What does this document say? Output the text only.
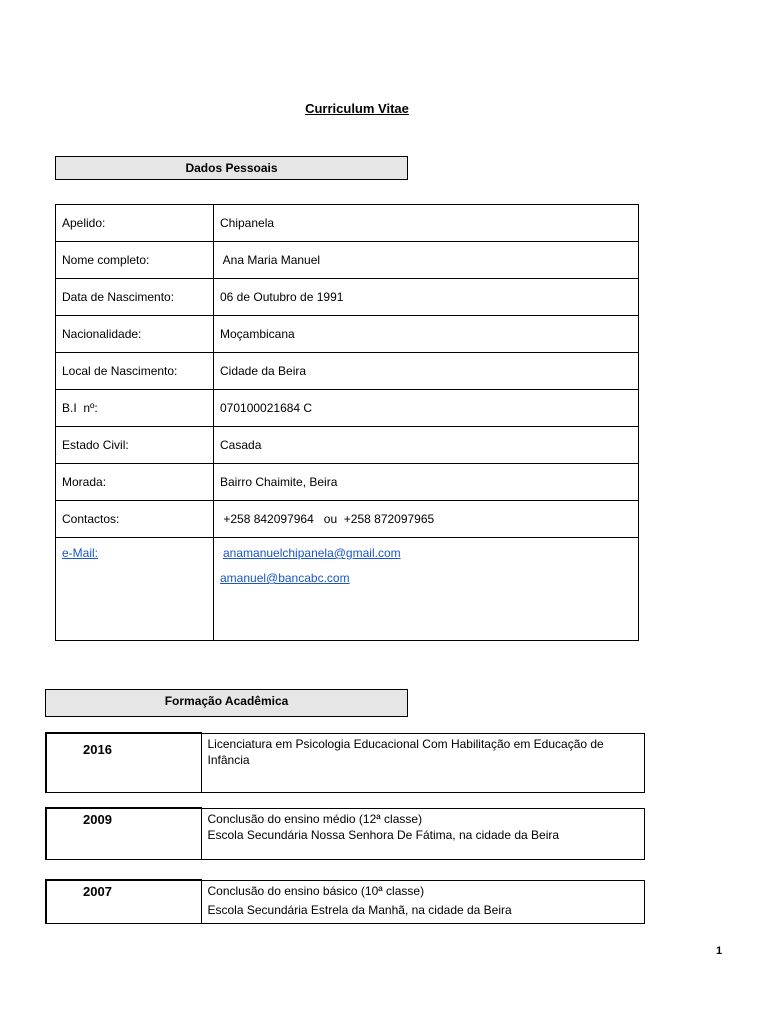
Curriculum Vitae
Dados Pessoais
Apelido:	Chipanela
Nome completo:	Ana Maria Manuel
Data de Nascimento:	06 de Outubro de 1991
Nacionalidade:	Moçambicana
Local de Nascimento:	Cidade da Beira
B.I  nº:	070100021684 C
Estado Civil:	Casada
Morada:	Bairro Chaimite, Beira
Contactos:	+258 842097964   ou  +258 872097965
e-Mail:	anamanuelchipanela@gmail.com
amanuel@bancabc.com
Formação Acadêmica
2016	Licenciatura em Psicologia Educacional Com Habilitação em Educação de Infância
2009	Conclusão do ensino médio (12ª classe)
Escola Secundária Nossa Senhora De Fátima, na cidade da Beira
2007	Conclusão do ensino básico (10ª classe)
Escola Secundária Estrela da Manhã, na cidade da Beira
1
